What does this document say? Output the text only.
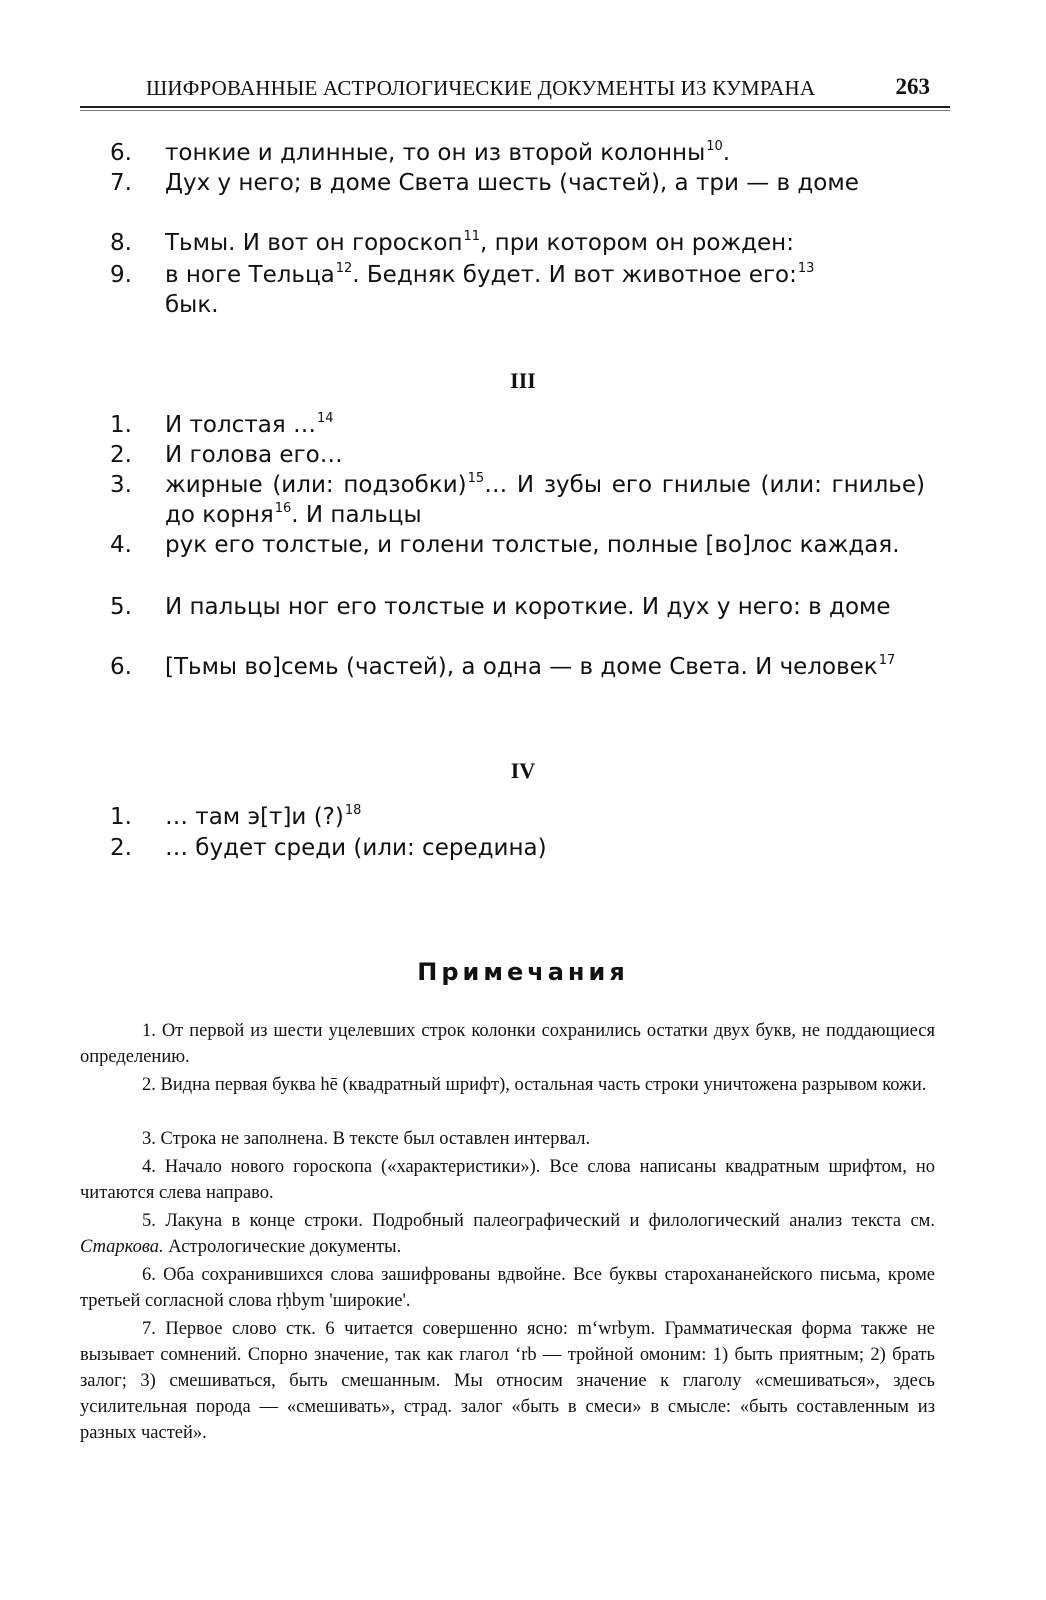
ШИФРОВАННЫЕ АСТРОЛОГИЧЕСКИЕ ДОКУМЕНТЫ ИЗ КУМРАНА	263
6.	тонкие и длинные, то он из второй колонны$^{10}$.
7.	Дух у него; в доме Света шесть (частей), а три — в доме
8.	Тьмы. И вот он гороскоп$^{11}$, при котором он рожден:
9.	в ноге Тельца$^{12}$. Бедняк будет. И вот животное его:$^{13}$
бык.
III
1.	И толстая …$^{14}$
2.	И голова его…
3.	жирные (или: подзобки)$^{15}$… И зубы его гнилые (или: гнилье) до корня$^{16}$. И пальцы
4.	рук его толстые, и голени толстые, полные [во]лос каждая.
5.	И пальцы ног его толстые и короткие. И дух у него: в доме
6.	[Тьмы во]семь (частей), а одна — в доме Света. И человек$^{17}$
IV
1.	… там э[т]и (?)$^{18}$
2.	… будет среди (или: середина)
Примечания
1. От первой из шести уцелевших строк колонки сохранились остатки двух букв, не поддающиеся определению.
2. Видна первая буква hē (квадратный шрифт), остальная часть строки уничтожена разрывом кожи.
3. Строка не заполнена. В тексте был оставлен интервал.
4. Начало нового гороскопа («характеристики»). Все слова написаны квадратным шрифтом, но читаются слева направо.
5. Лакуна в конце строки. Подробный палеографический и филологический анализ текста см. Старкова. Астрологические документы.
6. Оба сохранившихся слова зашифрованы вдвойне. Все буквы старохананейского письма, кроме третьей согласной слова rḥbym 'широкие'.
7. Первое слово стк. 6 читается совершенно ясно: m‘wrbym. Грамматическая форма также не вызывает сомнений. Спорно значение, так как глагол ‘rb — тройной омоним: 1) быть приятным; 2) брать залог; 3) смешиваться, быть смешанным. Мы относим значение к глаголу «смешиваться», здесь усилительная порода — «смешивать», страд. залог «быть в смеси» в смысле: «быть составленным из разных частей».
